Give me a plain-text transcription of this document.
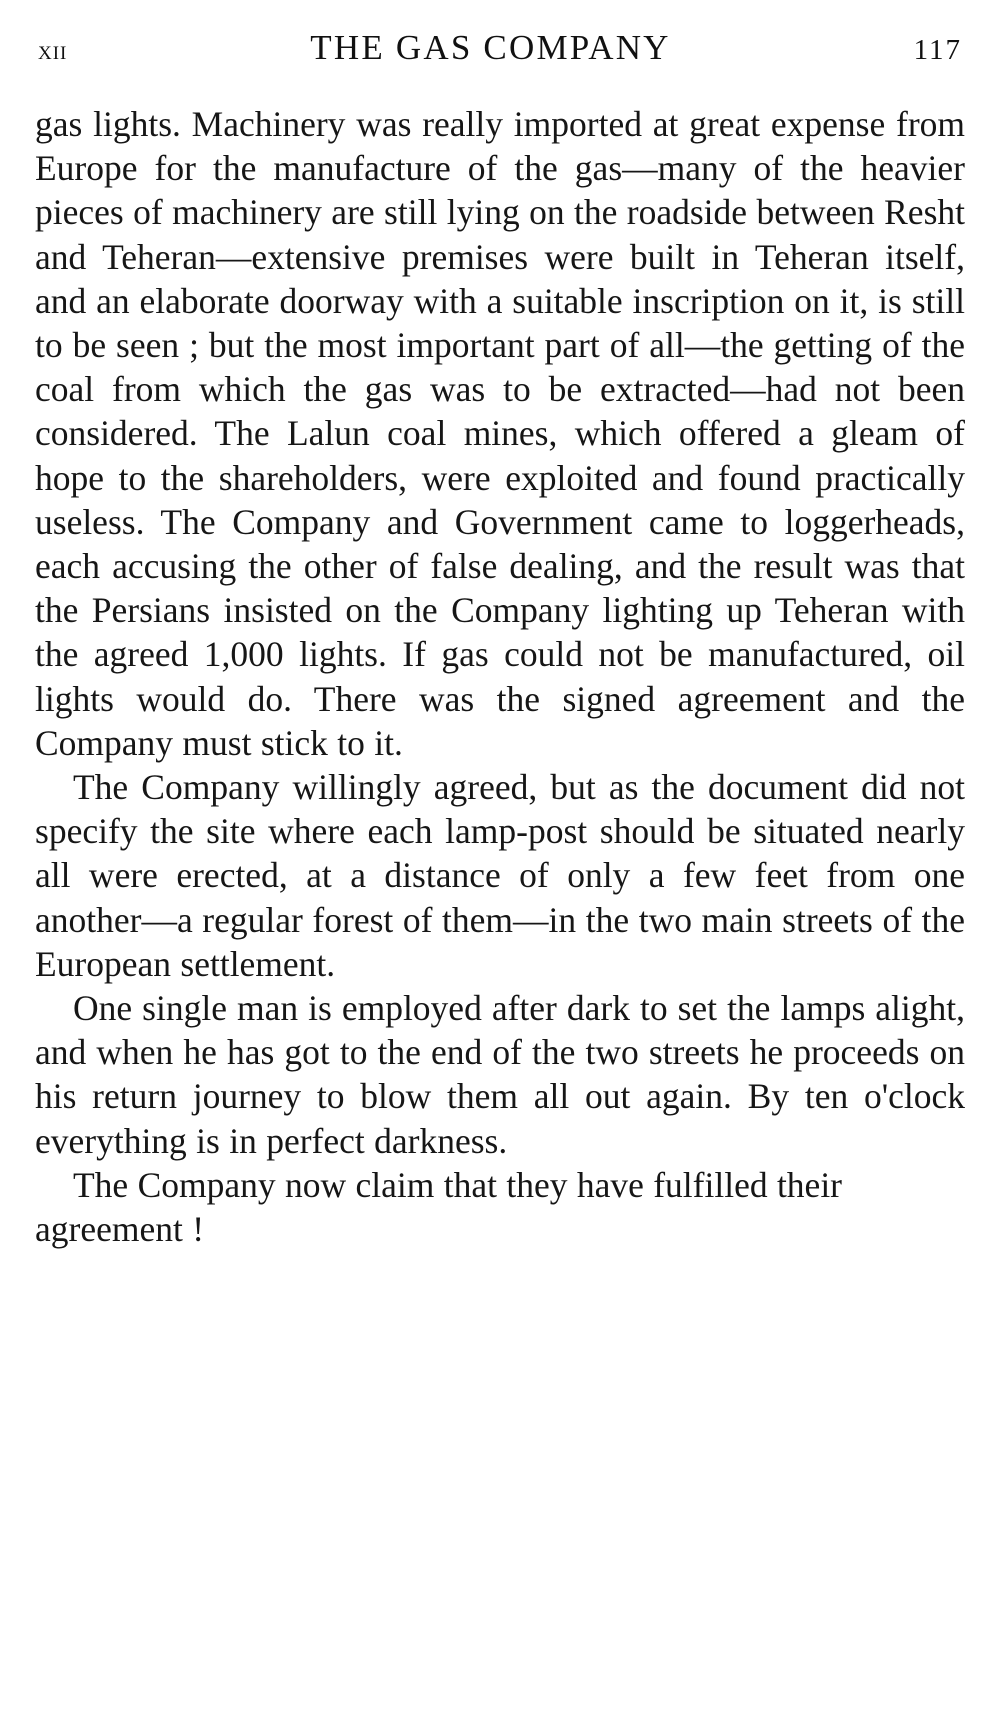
xii	THE GAS COMPANY	117

gas lights. Machinery was really imported at great expense from Europe for the manufacture of the gas—many of the heavier pieces of machinery are still lying on the roadside between Resht and Teheran—extensive premises were built in Teheran itself, and an elaborate doorway with a suitable inscription on it, is still to be seen ; but the most important part of all—the getting of the coal from which the gas was to be extracted—had not been considered. The Lalun coal mines, which offered a gleam of hope to the shareholders, were exploited and found practically useless. The Company and Government came to loggerheads, each accusing the other of false dealing, and the result was that the Persians insisted on the Company lighting up Teheran with the agreed 1,000 lights. If gas could not be manufactured, oil lights would do. There was the signed agreement and the Company must stick to it.

The Company willingly agreed, but as the document did not specify the site where each lamp-post should be situated nearly all were erected, at a distance of only a few feet from one another—a regular forest of them—in the two main streets of the European settlement.

One single man is employed after dark to set the lamps alight, and when he has got to the end of the two streets he proceeds on his return journey to blow them all out again. By ten o'clock everything is in perfect darkness.

The Company now claim that they have fulfilled their agreement !
